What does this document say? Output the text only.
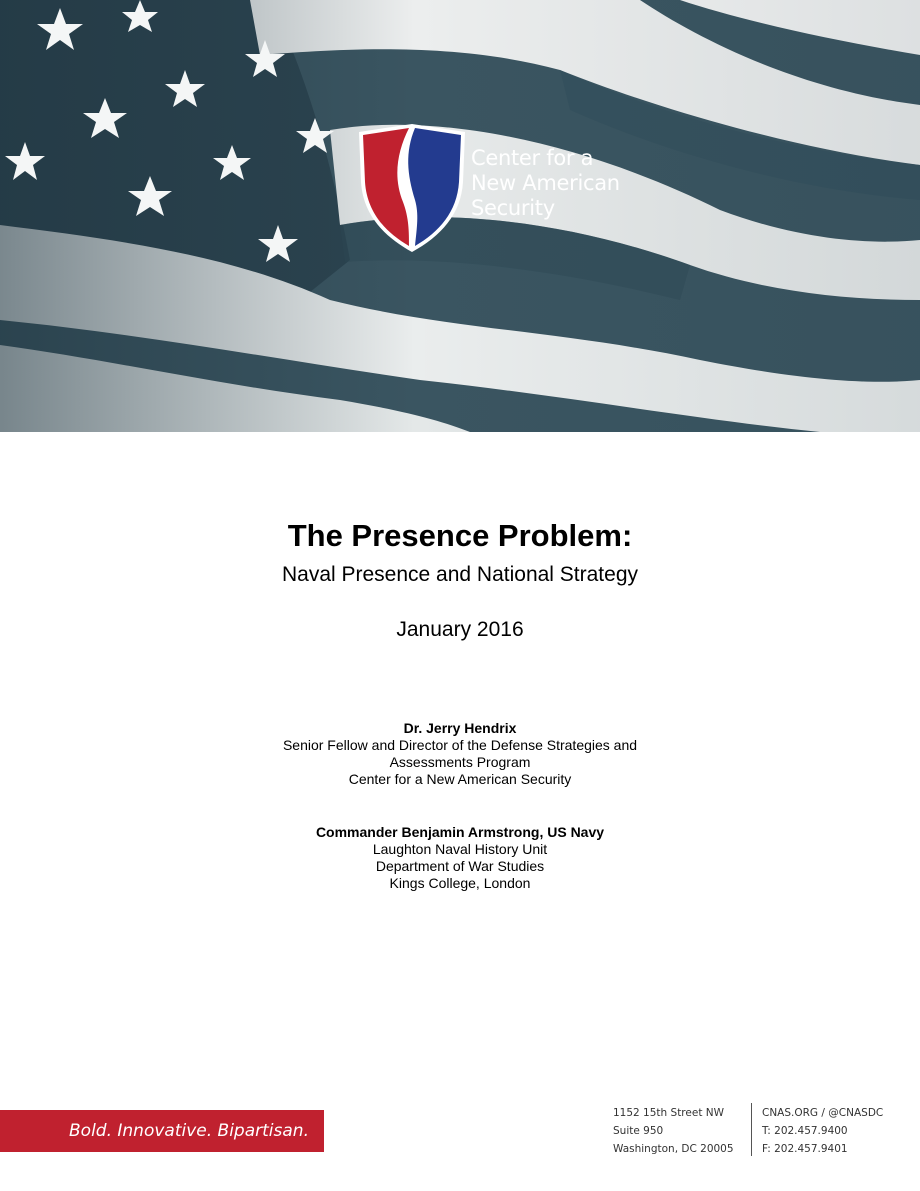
Center for a
New American
Security
The Presence Problem:
Naval Presence and National Strategy
January 2016
Dr. Jerry Hendrix
Senior Fellow and Director of the Defense Strategies and Assessments Program
Center for a New American Security
Commander Benjamin Armstrong, US Navy
Laughton Naval History Unit
Department of War Studies
Kings College, London
Bold. Innovative. Bipartisan.
1152 15th Street NW
Suite 950
Washington, DC 20005
CNAS.ORG / @CNASDC
T: 202.457.9400
F: 202.457.9401
